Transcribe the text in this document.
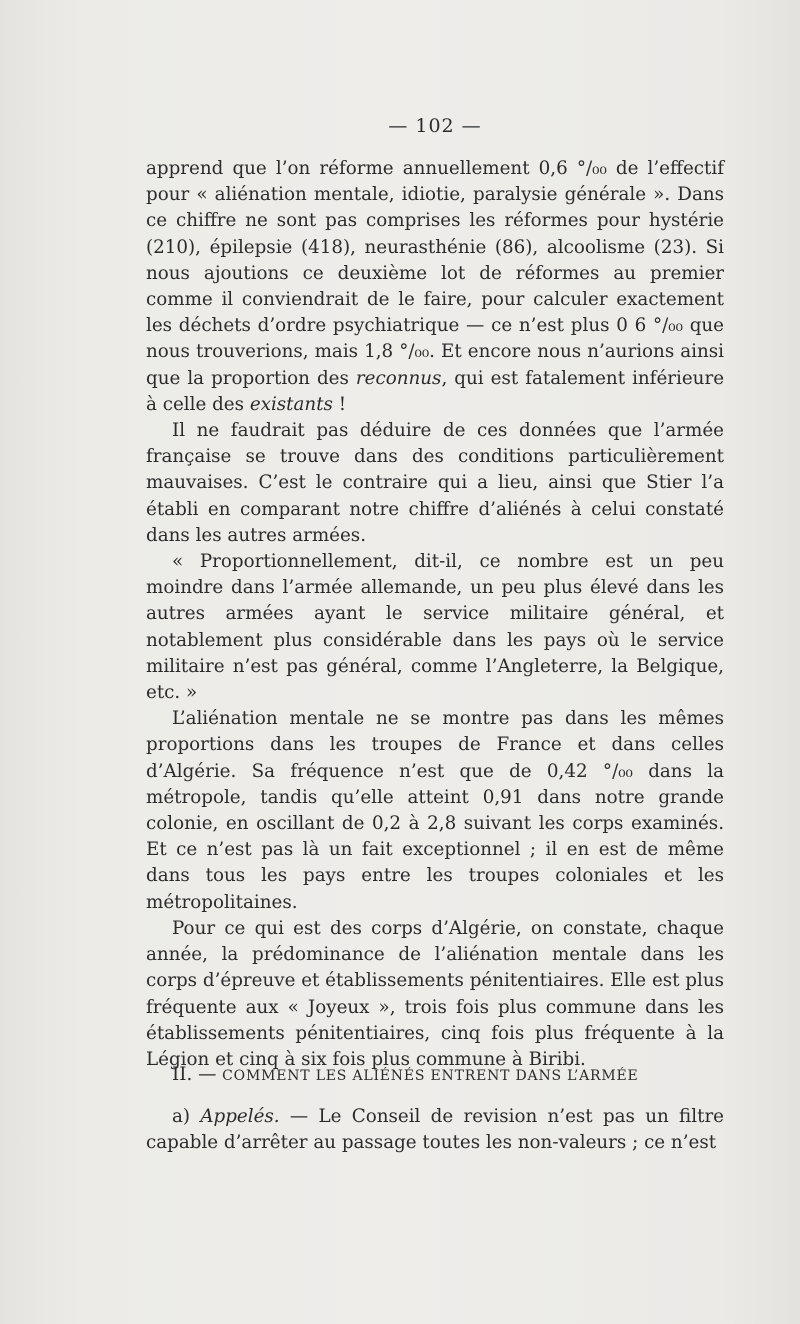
— 102 —

apprend que l’on réforme annuellement 0,6 °/₀₀ de l’effectif pour « aliénation mentale, idiotie, paralysie générale ». Dans ce chiffre ne sont pas comprises les réformes pour hystérie (210), épilepsie (418), neurasthénie (86), alcoolisme (23). Si nous ajoutions ce deuxième lot de réformes au premier comme il conviendrait de le faire, pour calculer exactement les déchets d’ordre psychiatrique — ce n’est plus 0 6 °/₀₀ que nous trouverions, mais 1,8 °/₀₀. Et encore nous n’aurions ainsi que la proportion des reconnus, qui est fatalement inférieure à celle des existants !

Il ne faudrait pas déduire de ces données que l’armée française se trouve dans des conditions particulièrement mauvaises. C’est le contraire qui a lieu, ainsi que Stier l’a établi en comparant notre chiffre d’aliénés à celui constaté dans les autres armées.

« Proportionnellement, dit-il, ce nombre est un peu moindre dans l’armée allemande, un peu plus élevé dans les autres armées ayant le service militaire général, et notablement plus considérable dans les pays où le service militaire n’est pas général, comme l’Angleterre, la Belgique, etc. »

L’aliénation mentale ne se montre pas dans les mêmes proportions dans les troupes de France et dans celles d’Algérie. Sa fréquence n’est que de 0,42 °/₀₀ dans la métropole, tandis qu’elle atteint 0,91 dans notre grande colonie, en oscillant de 0,2 à 2,8 suivant les corps examinés. Et ce n’est pas là un fait exceptionnel ; il en est de même dans tous les pays entre les troupes coloniales et les métropolitaines.

Pour ce qui est des corps d’Algérie, on constate, chaque année, la prédominance de l’aliénation mentale dans les corps d’épreuve et établissements pénitentiaires. Elle est plus fréquente aux « Joyeux », trois fois plus commune dans les établissements pénitentiaires, cinq fois plus fréquente à la Légion et cinq à six fois plus commune à Biribi.

II. — COMMENT LES ALIÉNÉS ENTRENT DANS L’ARMÉE

a) Appelés. — Le Conseil de revision n’est pas un filtre capable d’arrêter au passage toutes les non-valeurs ; ce n’est
